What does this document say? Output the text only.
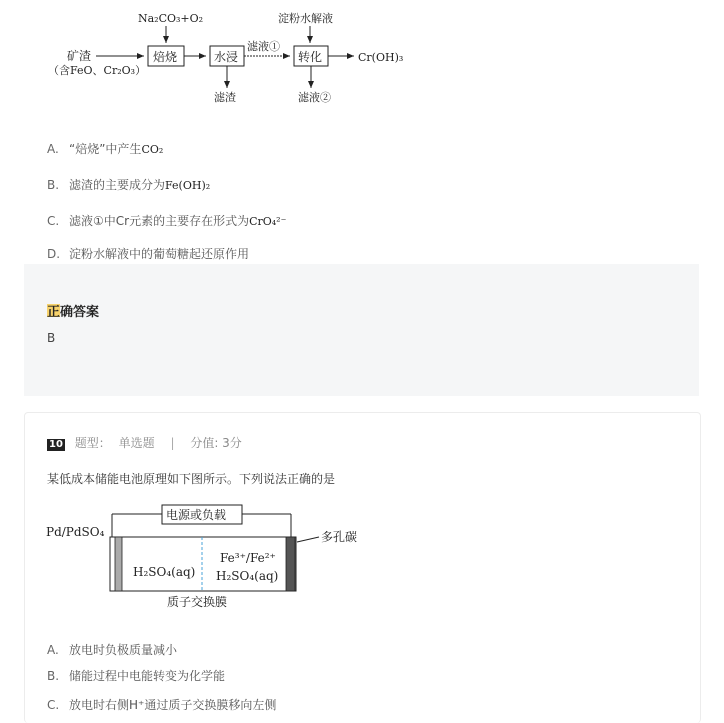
Na₂CO₃+O₂	淀粉水解液
矿渣
（含FeO、Cr₂O₃）
焙烧	水浸
滤液①
滤渣
转化	Cr(OH)₃
滤液②
A. “焙烧”中产生CO₂
B. 滤渣的主要成分为Fe(OH)₂
C. 滤液①中Cr元素的主要存在形式为CrO₄²⁻
D. 淀粉水解液中的葡萄糖起还原作用
正确答案
B
10 题型： 单选题 | 分值: 3分
某低成本储能电池原理如下图所示。下列说法正确的是
电源或负载
Pd/PdSO₄	多孔碳
H₂SO₄(aq)
Fe³⁺/Fe²⁺
H₂SO₄(aq)
质子交换膜
A. 放电时负极质量减小
B. 储能过程中电能转变为化学能
C. 放电时右侧H⁺通过质子交换膜移向左侧
